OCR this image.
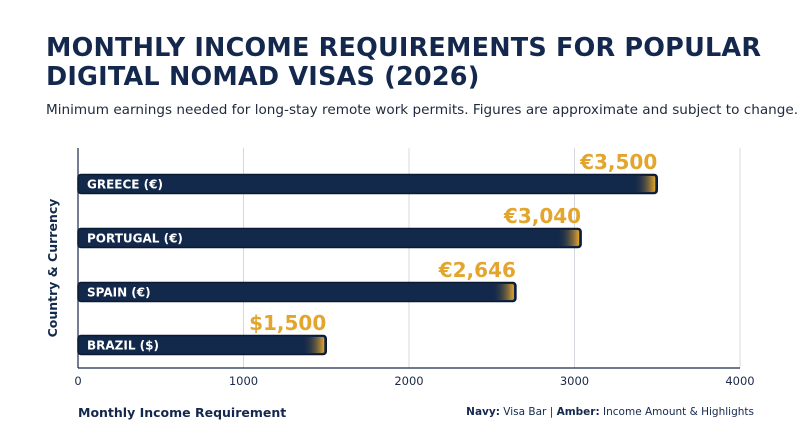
MONTHLY INCOME REQUIREMENTS FOR POPULAR DIGITAL NOMAD VISAS (2026)

Minimum earnings needed for long-stay remote work permits. Figures are approximate and subject to change.

0	1000	2000	3000	4000
Country & Currency
GREECE (€)
€3,500
PORTUGAL (€)
€3,040
SPAIN (€)
€2,646
BRAZIL ($)
$1,500
Monthly Income Requirement	Navy: Visa Bar | Amber: Income Amount & Highlights
